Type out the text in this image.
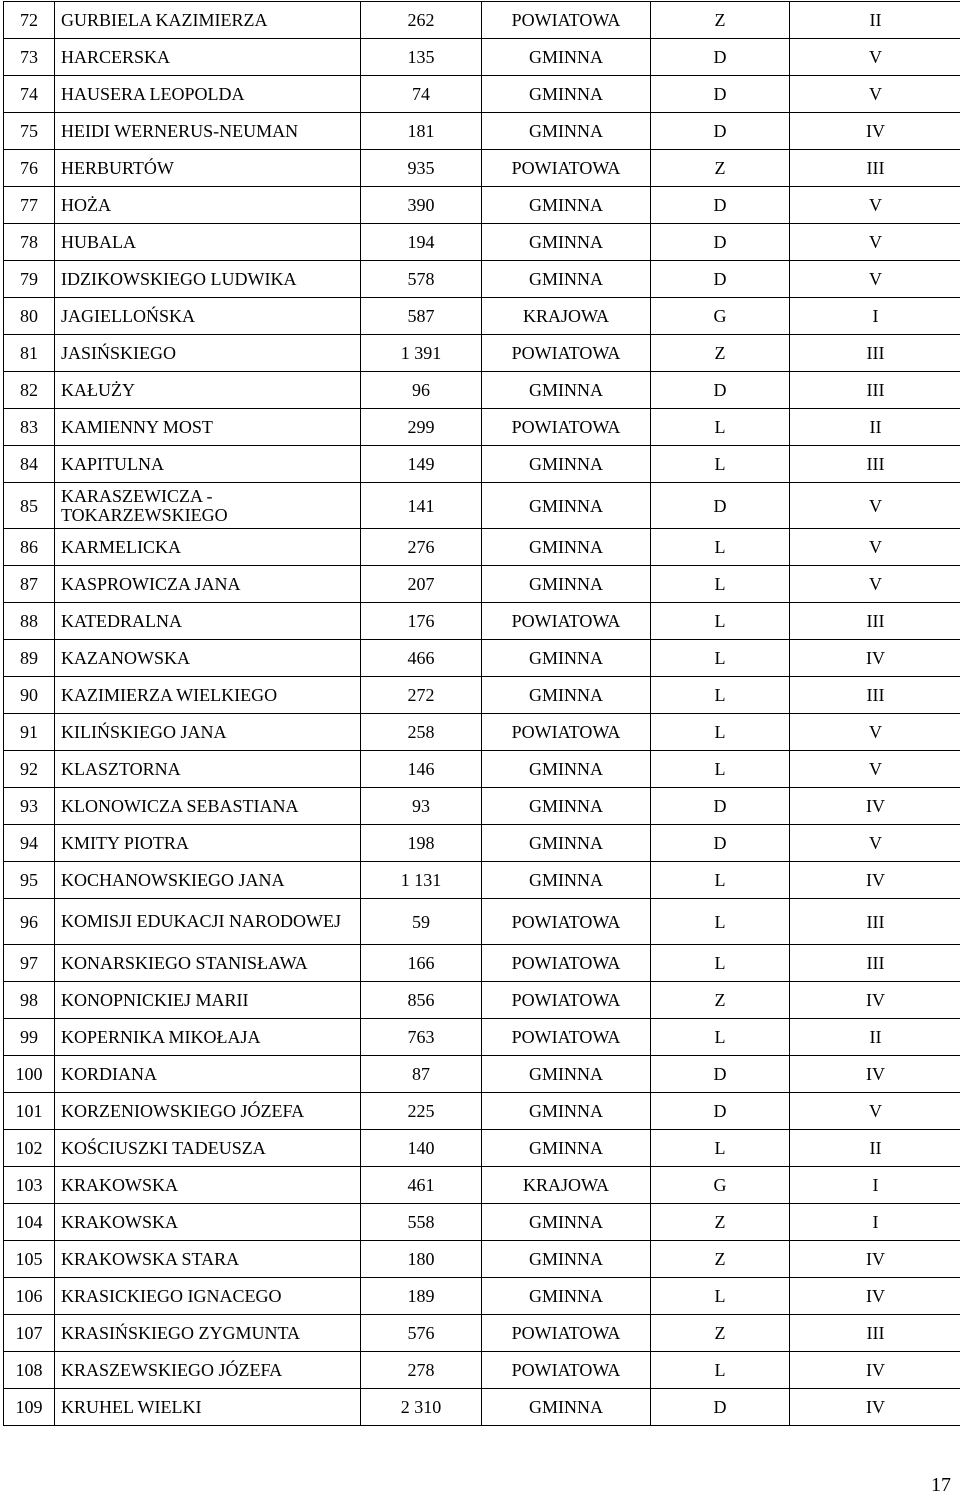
72	GURBIELA KAZIMIERZA	262	POWIATOWA	Z	II
73	HARCERSKA	135	GMINNA	D	V
74	HAUSERA LEOPOLDA	74	GMINNA	D	V
75	HEIDI WERNERUS-NEUMAN	181	GMINNA	D	IV
76	HERBURTÓW	935	POWIATOWA	Z	III
77	HOŻA	390	GMINNA	D	V
78	HUBALA	194	GMINNA	D	V
79	IDZIKOWSKIEGO LUDWIKA	578	GMINNA	D	V
80	JAGIELLOŃSKA	587	KRAJOWA	G	I
81	JASIŃSKIEGO	1 391	POWIATOWA	Z	III
82	KAŁUŻY	96	GMINNA	D	III
83	KAMIENNY MOST	299	POWIATOWA	L	II
84	KAPITULNA	149	GMINNA	L	III
85	KARASZEWICZA - TOKARZEWSKIEGO	141	GMINNA	D	V
86	KARMELICKA	276	GMINNA	L	V
87	KASPROWICZA JANA	207	GMINNA	L	V
88	KATEDRALNA	176	POWIATOWA	L	III
89	KAZANOWSKA	466	GMINNA	L	IV
90	KAZIMIERZA WIELKIEGO	272	GMINNA	L	III
91	KILIŃSKIEGO JANA	258	POWIATOWA	L	V
92	KLASZTORNA	146	GMINNA	L	V
93	KLONOWICZA SEBASTIANA	93	GMINNA	D	IV
94	KMITY PIOTRA	198	GMINNA	D	V
95	KOCHANOWSKIEGO JANA	1 131	GMINNA	L	IV
96	KOMISJI EDUKACJI NARODOWEJ	59	POWIATOWA	L	III
97	KONARSKIEGO STANISŁAWA	166	POWIATOWA	L	III
98	KONOPNICKIEJ MARII	856	POWIATOWA	Z	IV
99	KOPERNIKA MIKOŁAJA	763	POWIATOWA	L	II
100	KORDIANA	87	GMINNA	D	IV
101	KORZENIOWSKIEGO JÓZEFA	225	GMINNA	D	V
102	KOŚCIUSZKI TADEUSZA	140	GMINNA	L	II
103	KRAKOWSKA	461	KRAJOWA	G	I
104	KRAKOWSKA	558	GMINNA	Z	I
105	KRAKOWSKA STARA	180	GMINNA	Z	IV
106	KRASICKIEGO IGNACEGO	189	GMINNA	L	IV
107	KRASIŃSKIEGO ZYGMUNTA	576	POWIATOWA	Z	III
108	KRASZEWSKIEGO JÓZEFA	278	POWIATOWA	L	IV
109	KRUHEL WIELKI	2 310	GMINNA	D	IV
17
